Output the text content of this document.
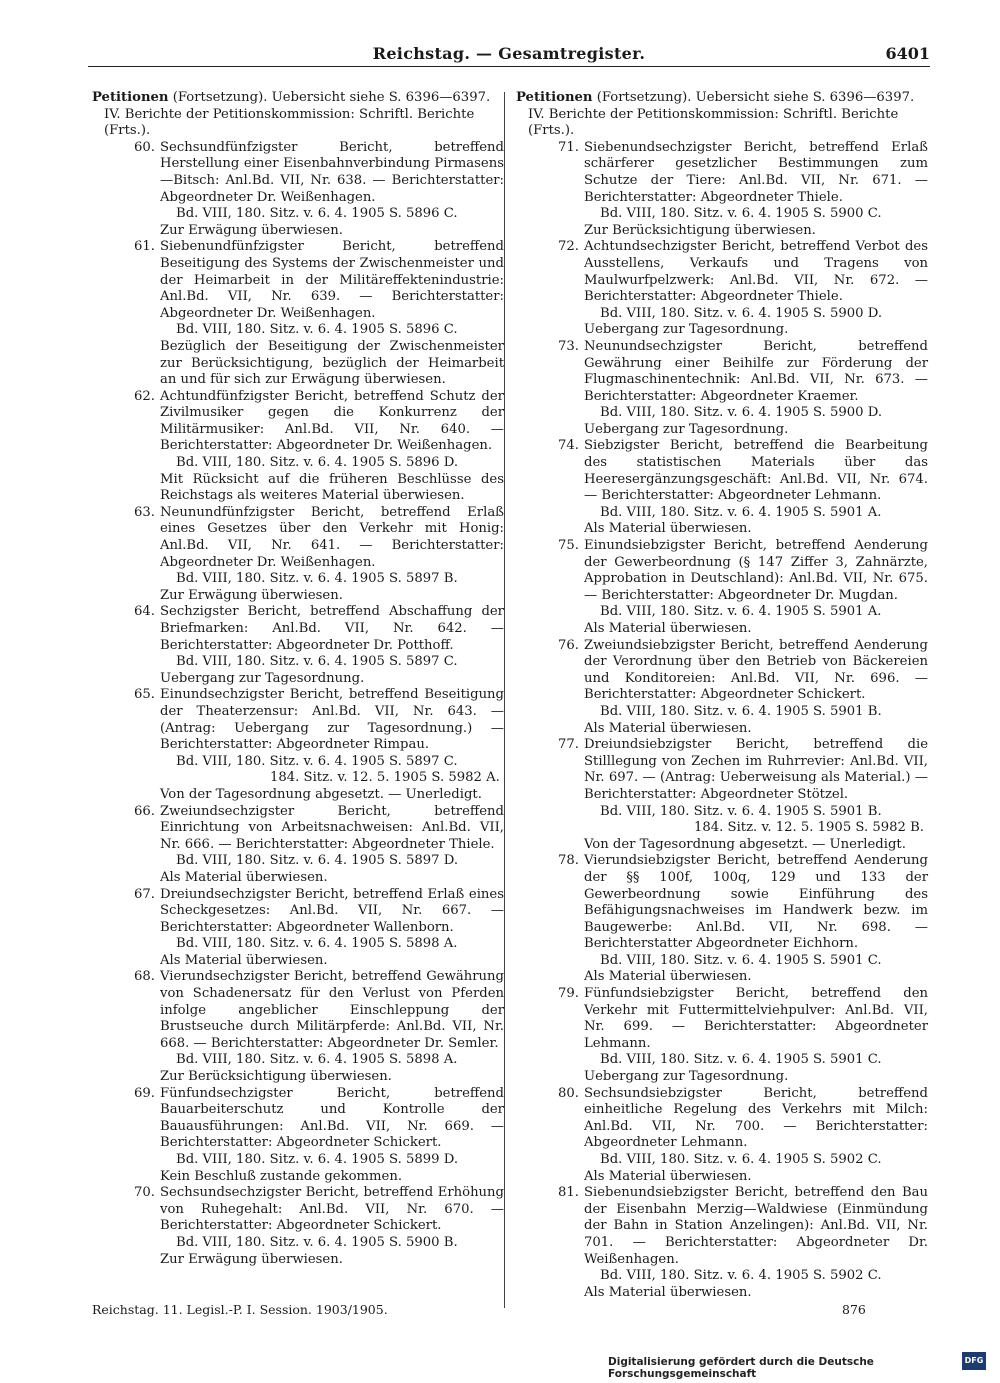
Reichstag. — Gesamtregister.	6401
Petitionen (Fortsetzung). Uebersicht siehe S. 6396—6397.
IV. Berichte der Petitionskommission: Schriftl. Berichte (Frts.).
60. Sechsundfünfzigster Bericht, betreffend Herstellung einer Eisenbahnverbindung Pirmasens—Bitsch: Anl.Bd. VII, Nr. 638. — Berichterstatter: Abgeordneter Dr. Weißenhagen.
Bd. VIII, 180. Sitz. v. 6. 4. 1905 S. 5896 C.
Zur Erwägung überwiesen.
61. Siebenundfünfzigster Bericht, betreffend Beseitigung des Systems der Zwischenmeister und der Heimarbeit in der Militäreffektenindustrie: Anl.Bd. VII, Nr. 639. — Berichterstatter: Abgeordneter Dr. Weißenhagen.
Bd. VIII, 180. Sitz. v. 6. 4. 1905 S. 5896 C.
Bezüglich der Beseitigung der Zwischenmeister zur Berücksichtigung, bezüglich der Heimarbeit an und für sich zur Erwägung überwiesen.
62. Achtundfünfzigster Bericht, betreffend Schutz der Zivilmusiker gegen die Konkurrenz der Militärmusiker: Anl.Bd. VII, Nr. 640. — Berichterstatter: Abgeordneter Dr. Weißenhagen.
Bd. VIII, 180. Sitz. v. 6. 4. 1905 S. 5896 D.
Mit Rücksicht auf die früheren Beschlüsse des Reichstags als weiteres Material überwiesen.
63. Neunundfünfzigster Bericht, betreffend Erlaß eines Gesetzes über den Verkehr mit Honig: Anl.Bd. VII, Nr. 641. — Berichterstatter: Abgeordneter Dr. Weißenhagen.
Bd. VIII, 180. Sitz. v. 6. 4. 1905 S. 5897 B.
Zur Erwägung überwiesen.
64. Sechzigster Bericht, betreffend Abschaffung der Briefmarken: Anl.Bd. VII, Nr. 642. — Berichterstatter: Abgeordneter Dr. Potthoff.
Bd. VIII, 180. Sitz. v. 6. 4. 1905 S. 5897 C.
Uebergang zur Tagesordnung.
65. Einundsechzigster Bericht, betreffend Beseitigung der Theaterzensur: Anl.Bd. VII, Nr. 643. — (Antrag: Uebergang zur Tagesordnung.) — Berichterstatter: Abgeordneter Rimpau.
Bd. VIII, 180. Sitz. v. 6. 4. 1905 S. 5897 C.
184. Sitz. v. 12. 5. 1905 S. 5982 A.
Von der Tagesordnung abgesetzt. — Unerledigt.
66. Zweiundsechzigster Bericht, betreffend Einrichtung von Arbeitsnachweisen: Anl.Bd. VII, Nr. 666. — Berichterstatter: Abgeordneter Thiele.
Bd. VIII, 180. Sitz. v. 6. 4. 1905 S. 5897 D.
Als Material überwiesen.
67. Dreiundsechzigster Bericht, betreffend Erlaß eines Scheckgesetzes: Anl.Bd. VII, Nr. 667. — Berichterstatter: Abgeordneter Wallenborn.
Bd. VIII, 180. Sitz. v. 6. 4. 1905 S. 5898 A.
Als Material überwiesen.
68. Vierundsechzigster Bericht, betreffend Gewährung von Schadenersatz für den Verlust von Pferden infolge angeblicher Einschleppung der Brustseuche durch Militärpferde: Anl.Bd. VII, Nr. 668. — Berichterstatter: Abgeordneter Dr. Semler.
Bd. VIII, 180. Sitz. v. 6. 4. 1905 S. 5898 A.
Zur Berücksichtigung überwiesen.
69. Fünfundsechzigster Bericht, betreffend Bauarbeiterschutz und Kontrolle der Bauausführungen: Anl.Bd. VII, Nr. 669. — Berichterstatter: Abgeordneter Schickert.
Bd. VIII, 180. Sitz. v. 6. 4. 1905 S. 5899 D.
Kein Beschluß zustande gekommen.
70. Sechsundsechzigster Bericht, betreffend Erhöhung von Ruhegehalt: Anl.Bd. VII, Nr. 670. — Berichterstatter: Abgeordneter Schickert.
Bd. VIII, 180. Sitz. v. 6. 4. 1905 S. 5900 B.
Zur Erwägung überwiesen.
Petitionen (Fortsetzung). Uebersicht siehe S. 6396—6397.
IV. Berichte der Petitionskommission: Schriftl. Berichte (Frts.).
71. Siebenundsechzigster Bericht, betreffend Erlaß schärferer gesetzlicher Bestimmungen zum Schutze der Tiere: Anl.Bd. VII, Nr. 671. — Berichterstatter: Abgeordneter Thiele.
Bd. VIII, 180. Sitz. v. 6. 4. 1905 S. 5900 C.
Zur Berücksichtigung überwiesen.
72. Achtundsechzigster Bericht, betreffend Verbot des Ausstellens, Verkaufs und Tragens von Maulwurfpelzwerk: Anl.Bd. VII, Nr. 672. — Berichterstatter: Abgeordneter Thiele.
Bd. VIII, 180. Sitz. v. 6. 4. 1905 S. 5900 D.
Uebergang zur Tagesordnung.
73. Neunundsechzigster Bericht, betreffend Gewährung einer Beihilfe zur Förderung der Flugmaschinentechnik: Anl.Bd. VII, Nr. 673. — Berichterstatter: Abgeordneter Kraemer.
Bd. VIII, 180. Sitz. v. 6. 4. 1905 S. 5900 D.
Uebergang zur Tagesordnung.
74. Siebzigster Bericht, betreffend die Bearbeitung des statistischen Materials über das Heeresergänzungsgeschäft: Anl.Bd. VII, Nr. 674. — Berichterstatter: Abgeordneter Lehmann.
Bd. VIII, 180. Sitz. v. 6. 4. 1905 S. 5901 A.
Als Material überwiesen.
75. Einundsiebzigster Bericht, betreffend Aenderung der Gewerbeordnung (§ 147 Ziffer 3, Zahnärzte, Approbation in Deutschland): Anl.Bd. VII, Nr. 675. — Berichterstatter: Abgeordneter Dr. Mugdan.
Bd. VIII, 180. Sitz. v. 6. 4. 1905 S. 5901 A.
Als Material überwiesen.
76. Zweiundsiebzigster Bericht, betreffend Aenderung der Verordnung über den Betrieb von Bäckereien und Konditoreien: Anl.Bd. VII, Nr. 696. — Berichterstatter: Abgeordneter Schickert.
Bd. VIII, 180. Sitz. v. 6. 4. 1905 S. 5901 B.
Als Material überwiesen.
77. Dreiundsiebzigster Bericht, betreffend die Stilllegung von Zechen im Ruhrrevier: Anl.Bd. VII, Nr. 697. — (Antrag: Ueberweisung als Material.) — Berichterstatter: Abgeordneter Stötzel.
Bd. VIII, 180. Sitz. v. 6. 4. 1905 S. 5901 B.
184. Sitz. v. 12. 5. 1905 S. 5982 B.
Von der Tagesordnung abgesetzt. — Unerledigt.
78. Vierundsiebzigster Bericht, betreffend Aenderung der §§ 100f, 100q, 129 und 133 der Gewerbeordnung sowie Einführung des Befähigungsnachweises im Handwerk bezw. im Baugewerbe: Anl.Bd. VII, Nr. 698. — Berichterstatter Abgeordneter Eichhorn.
Bd. VIII, 180. Sitz. v. 6. 4. 1905 S. 5901 C.
Als Material überwiesen.
79. Fünfundsiebzigster Bericht, betreffend den Verkehr mit Futtermittelviehpulver: Anl.Bd. VII, Nr. 699. — Berichterstatter: Abgeordneter Lehmann.
Bd. VIII, 180. Sitz. v. 6. 4. 1905 S. 5901 C.
Uebergang zur Tagesordnung.
80. Sechsundsiebzigster Bericht, betreffend einheitliche Regelung des Verkehrs mit Milch: Anl.Bd. VII, Nr. 700. — Berichterstatter: Abgeordneter Lehmann.
Bd. VIII, 180. Sitz. v. 6. 4. 1905 S. 5902 C.
Als Material überwiesen.
81. Siebenundsiebzigster Bericht, betreffend den Bau der Eisenbahn Merzig—Waldwiese (Einmündung der Bahn in Station Anzelingen): Anl.Bd. VII, Nr. 701. — Berichterstatter: Abgeordneter Dr. Weißenhagen.
Bd. VIII, 180. Sitz. v. 6. 4. 1905 S. 5902 C.
Als Material überwiesen.
Reichstag. 11. Legisl.-P. I. Session. 1903/1905.	876
Digitalisierung gefördert durch die Deutsche Forschungsgemeinschaft
DFG
